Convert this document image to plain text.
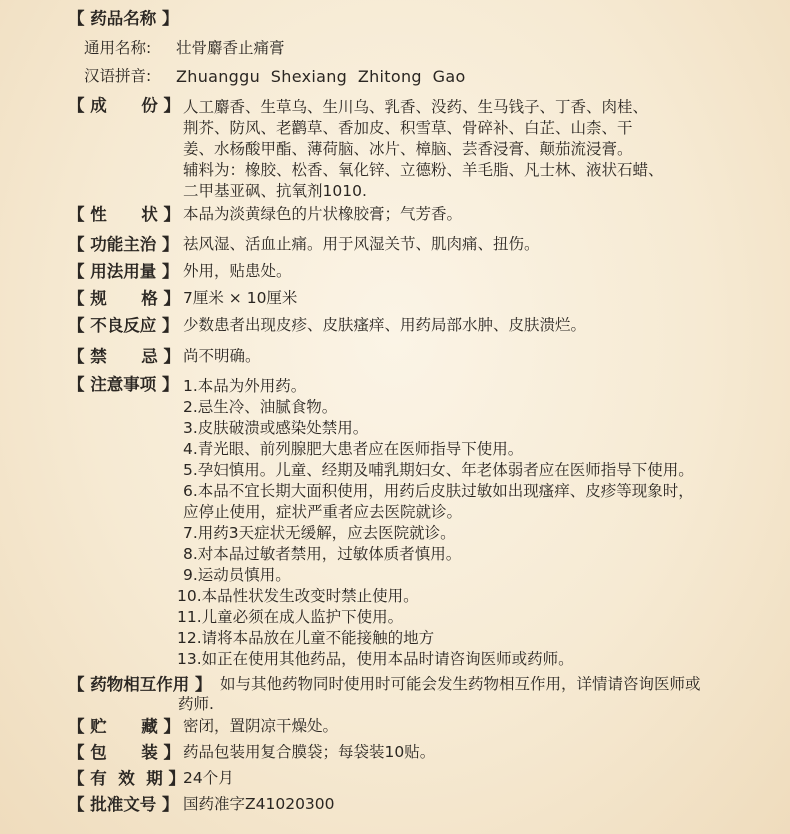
【 药品名称 】
通用名称: 壮骨麝香止痛膏
汉语拼音: Zhuanggu  Shexiang  Zhitong  Gao
【 成      份 】 人工麝香、生草乌、生川乌、乳香、没药、生马钱子、丁香、肉桂、
荆芥、防风、老鹳草、香加皮、积雪草、骨碎补、白芷、山柰、干
姜、水杨酸甲酯、薄荷脑、冰片、樟脑、芸香浸膏、颠茄流浸膏。
辅料为：橡胶、松香、氧化锌、立德粉、羊毛脂、凡士林、液状石蜡、
二甲基亚砜、抗氧剂1010.
【 性      状 】 本品为淡黄绿色的片状橡胶膏；气芳香。
【 功能主治 】 祛风湿、活血止痛。用于风湿关节、肌肉痛、扭伤。
【 用法用量 】 外用，贴患处。
【 规      格 】 7厘米 × 10厘米
【 不良反应 】 少数患者出现皮疹、皮肤瘙痒、用药局部水肿、皮肤溃烂。
【 禁      忌 】 尚不明确。
【 注意事项 】 1.本品为外用药。
2.忌生冷、油腻食物。
3.皮肤破溃或感染处禁用。
4.青光眼、前列腺肥大患者应在医师指导下使用。
5.孕妇慎用。儿童、经期及哺乳期妇女、年老体弱者应在医师指导下使用。
6.本品不宜长期大面积使用，用药后皮肤过敏如出现瘙痒、皮疹等现象时，
应停止使用，症状严重者应去医院就诊。
7.用药3天症状无缓解，应去医院就诊。
8.对本品过敏者禁用，过敏体质者慎用。
9.运动员慎用。
10.本品性状发生改变时禁止使用。
11.儿童必须在成人监护下使用。
12.请将本品放在儿童不能接触的地方
13.如正在使用其他药品，使用本品时请咨询医师或药师。
【 药物相互作用 】 如与其他药物同时使用时可能会发生药物相互作用，详情请咨询医师或
药师.
【 贮      藏 】 密闭，置阴凉干燥处。
【 包      装 】 药品包装用复合膜袋；每袋装10贴。
【 有  效  期 】
24个月
【 批准文号 】 国药准字Z41020300
